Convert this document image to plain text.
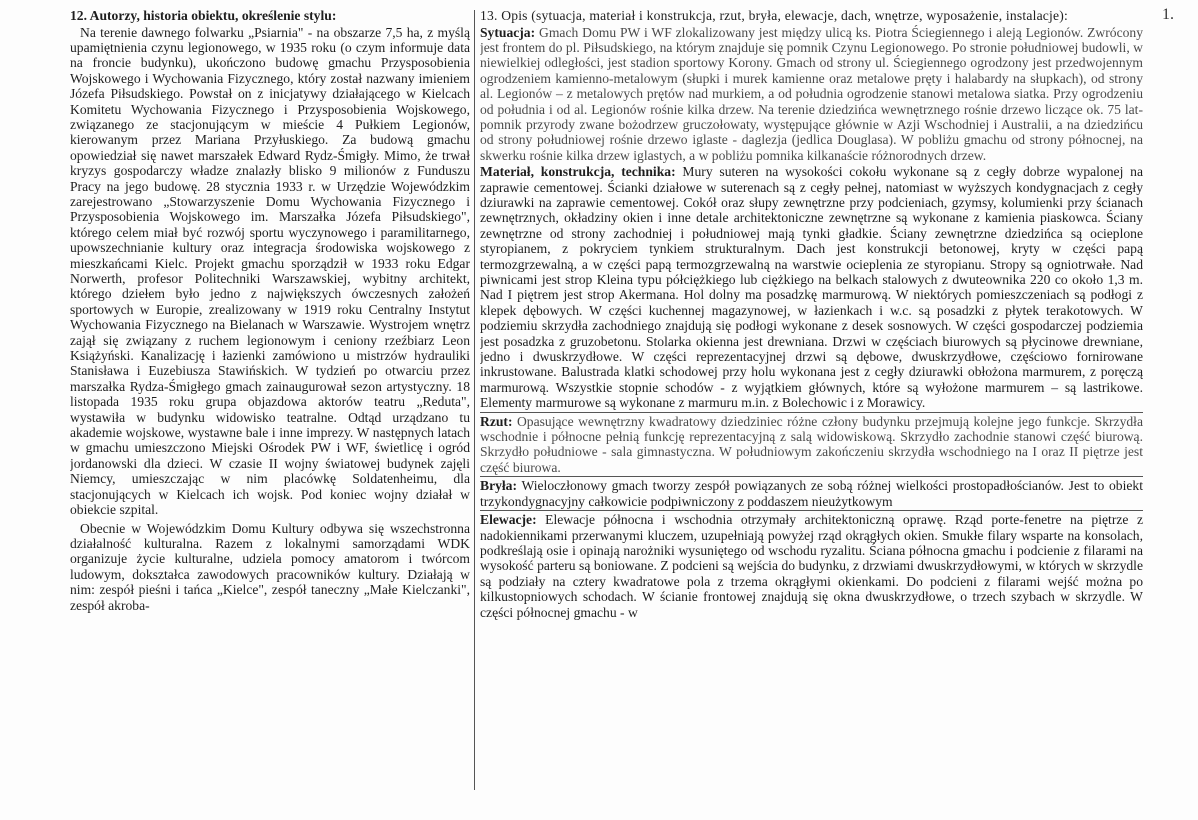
1.
12. Autorzy, historia obiektu, określenie stylu:

Na terenie dawnego folwarku „Psiarnia" - na obszarze 7,5 ha, z myślą upamiętnienia czynu legionowego, w 1935 roku (o czym informuje data na froncie budynku), ukończono budowę gmachu Przysposobienia Wojskowego i Wychowania Fizycznego, który został nazwany imieniem Józefa Piłsudskiego. Powstał on z inicjatywy działającego w Kielcach Komitetu Wychowania Fizycznego i Przysposobienia Wojskowego, związanego ze stacjonującym w mieście 4 Pułkiem Legionów, kierowanym przez Mariana Przyłuskiego. Za budową gmachu opowiedział się nawet marszałek Edward Rydz-Śmigły. Mimo, że trwał kryzys gospodarczy władze znalazły blisko 9 milionów z Funduszu Pracy na jego budowę. 28 stycznia 1933 r. w Urzędzie Wojewódzkim zarejestrowano „Stowarzyszenie Domu Wychowania Fizycznego i Przysposobienia Wojskowego im. Marszałka Józefa Piłsudskiego", którego celem miał być rozwój sportu wyczynowego i paramilitarnego, upowszechnianie kultury oraz integracja środowiska wojskowego z mieszkańcami Kielc. Projekt gmachu sporządził w 1933 roku Edgar Norwerth, profesor Politechniki Warszawskiej, wybitny architekt, którego dziełem było jedno z największych ówczesnych założeń sportowych w Europie, zrealizowany w 1919 roku Centralny Instytut Wychowania Fizycznego na Bielanach w Warszawie. Wystrojem wnętrz zajął się związany z ruchem legionowym i ceniony rzeźbiarz Leon Książyński. Kanalizację i łazienki zamówiono u mistrzów hydrauliki Stanisława i Euzebiusza Stawińskich. W tydzień po otwarciu przez marszałka Rydza-Śmigłego gmach zainaugurował sezon artystyczny. 18 listopada 1935 roku grupa objazdowa aktorów teatru „Reduta", wystawiła w budynku widowisko teatralne. Odtąd urządzano tu akademie wojskowe, wystawne bale i inne imprezy. W następnych latach w gmachu umieszczono Miejski Ośrodek PW i WF, świetlicę i ogród jordanowski dla dzieci. W czasie II wojny światowej budynek zajęli Niemcy, umieszczając w nim placówkę Soldatenheimu, dla stacjonujących w Kielcach ich wojsk. Pod koniec wojny działał w obiekcie szpital.

Obecnie w Wojewódzkim Domu Kultury odbywa się wszechstronna działalność kulturalna. Razem z lokalnymi samorządami WDK organizuje życie kulturalne, udziela pomocy amatorom i twórcom ludowym, dokształca zawodowych pracowników kultury. Działają w nim: zespół pieśni i tańca „Kielce", zespół taneczny „Małe Kielczanki", zespół akroba-

13. Opis (sytuacja, materiał i konstrukcja, rzut, bryła, elewacje, dach, wnętrze, wyposażenie, instalacje):

Sytuacja: Gmach Domu PW i WF zlokalizowany jest między ulicą ks. Piotra Ściegiennego i aleją Legionów. Zwrócony jest frontem do pl. Piłsudskiego, na którym znajduje się pomnik Czynu Legionowego. Po stronie południowej budowli, w niewielkiej odległości, jest stadion sportowy Korony. Gmach od strony ul. Ściegiennego ogrodzony jest przedwojennym ogrodzeniem kamienno-metalowym (słupki i murek kamienne oraz metalowe pręty i halabardy na słupkach), od strony al. Legionów – z metalowych prętów nad murkiem, a od południa ogrodzenie stanowi metalowa siatka. Przy ogrodzeniu od południa i od al. Legionów rośnie kilka drzew. Na terenie dziedzińca wewnętrznego rośnie drzewo liczące ok. 75 lat- pomnik przyrody zwane bożodrzew gruczołowaty, występujące głównie w Azji Wschodniej i Australii, a na dziedzińcu od strony południowej rośnie drzewo iglaste - daglezja (jedlica Douglasa). W pobliżu gmachu od strony północnej, na skwerku rośnie kilka drzew iglastych, a w pobliżu pomnika kilkanaście różnorodnych drzew.

Materiał, konstrukcja, technika: Mury suteren na wysokości cokołu wykonane są z cegły dobrze wypalonej na zaprawie cementowej. Ścianki działowe w suterenach są z cegły pełnej, natomiast w wyższych kondygnacjach z cegły dziurawki na zaprawie cementowej. Cokół oraz słupy zewnętrzne przy podcieniach, gzymsy, kolumienki przy ścianach zewnętrznych, okładziny okien i inne detale architektoniczne zewnętrzne są wykonane z kamienia piaskowca. Ściany zewnętrzne od strony zachodniej i południowej mają tynki gładkie. Ściany zewnętrzne dziedzińca są ocieplone styropianem, z pokryciem tynkiem strukturalnym. Dach jest konstrukcji betonowej, kryty w części papą termozgrzewalną, a w części papą termozgrzewalną na warstwie ocieplenia ze styropianu. Stropy są ogniotrwałe. Nad piwnicami jest strop Kleina typu półciężkiego lub ciężkiego na belkach stalowych z dwuteownika 220 co około 1,3 m. Nad I piętrem jest strop Akermana. Hol dolny ma posadzkę marmurową. W niektórych pomieszczeniach są podłogi z klepek dębowych. W części kuchennej magazynowej, w łazienkach i w.c. są posadzki z płytek terakotowych. W podziemiu skrzydła zachodniego znajdują się podłogi wykonane z desek sosnowych. W części gospodarczej podziemia jest posadzka z gruzobetonu. Stolarka okienna jest drewniana. Drzwi w częściach biurowych są płycinowe drewniane, jedno i dwuskrzydłowe. W części reprezentacyjnej drzwi są dębowe, dwuskrzydłowe, częściowo fornirowane inkrustowane. Balustrada klatki schodowej przy holu wykonana jest z cegły dziurawki obłożona marmurem, z poręczą marmurową. Wszystkie stopnie schodów - z wyjątkiem głównych, które są wyłożone marmurem – są lastrikowe. Elementy marmurowe są wykonane z marmuru m.in. z Bolechowic i z Morawicy.

Rzut: Opasujące wewnętrzny kwadratowy dziedziniec różne człony budynku przejmują kolejne jego funkcje. Skrzydła wschodnie i północne pełnią funkcję reprezentacyjną z salą widowiskową. Skrzydło zachodnie stanowi część biurową. Skrzydło południowe - sala gimnastyczna. W południowym zakończeniu skrzydła wschodniego na I oraz II piętrze jest część biurowa.

Bryła: Wieloczłonowy gmach tworzy zespół powiązanych ze sobą różnej wielkości prostopadłościanów. Jest to obiekt trzykondygnacyjny całkowicie podpiwniczony z poddaszem nieużytkowym

Elewacje: Elewacje północna i wschodnia otrzymały architektoniczną oprawę. Rząd porte-fenetre na piętrze z nadokiennikami przerwanymi kluczem, uzupełniają powyżej rząd okrągłych okien. Smukłe filary wsparte na konsolach, podkreślają osie i opinają narożniki wysuniętego od wschodu ryzalitu. Ściana północna gmachu i podcienie z filarami na wysokość parteru są boniowane. Z podcieni są wejścia do budynku, z drzwiami dwuskrzydłowymi, w których w skrzydle są podziały na cztery kwadratowe pola z trzema okrągłymi okienkami. Do podcieni z filarami wejść można po kilkustopniowych schodach. W ścianie frontowej znajdują się okna dwuskrzydłowe, o trzech szybach w skrzydle. W części północnej gmachu - w
